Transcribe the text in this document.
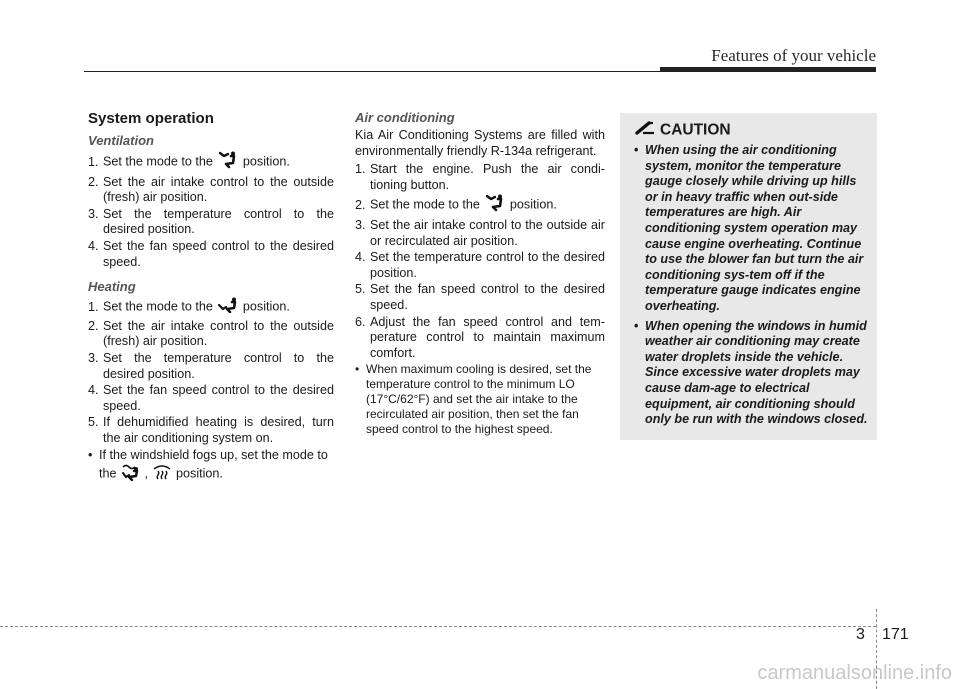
Features of your vehicle
System operation
Ventilation
1. Set the mode to the position.
2. Set the air intake control to the outside (fresh) air position.
3. Set the temperature control to the desired position.
4. Set the fan speed control to the desired speed.
Heating
1. Set the mode to the position.
2. Set the air intake control to the outside (fresh) air position.
3. Set the temperature control to the desired position.
4. Set the fan speed control to the desired speed.
5. If dehumidified heating is desired, turn the air conditioning system on.
• If the windshield fogs up, set the mode to the , position.
Air conditioning

Kia Air Conditioning Systems are filled with environmentally friendly R-134a refrigerant.

1. Start the engine. Push the air condi-tioning button.
2. Set the mode to the position.
3. Set the air intake control to the outside air or recirculated air position.
4. Set the temperature control to the desired position.
5. Set the fan speed control to the desired speed.
6. Adjust the fan speed control and tem-perature control to maintain maximum comfort.
• When maximum cooling is desired, set the temperature control to the minimum LO (17°C/62°F) and set the air intake to the recirculated air position, then set the fan speed control to the highest speed.
CAUTION
• When using the air conditioning system, monitor the temperature gauge closely while driving up hills or in heavy traffic when out-side temperatures are high. Air conditioning system operation may cause engine overheating. Continue to use the blower fan but turn the air conditioning sys-tem off if the temperature gauge indicates engine overheating.
• When opening the windows in humid weather air conditioning may create water droplets inside the vehicle. Since excessive water droplets may cause dam-age to electrical equipment, air conditioning should only be run with the windows closed.
3 171
carmanualsonline.info
